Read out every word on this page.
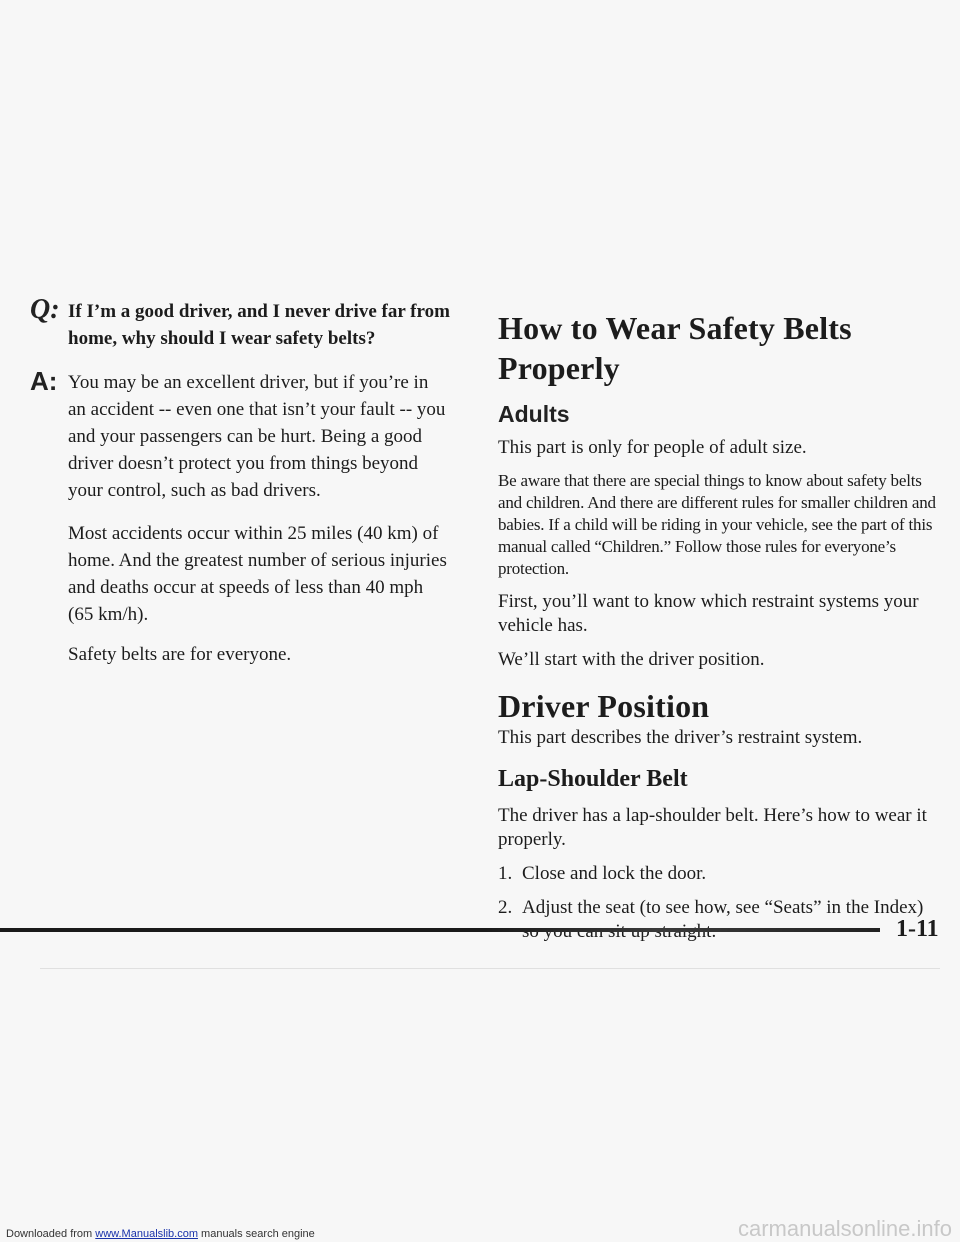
Q: If I’m a good driver, and I never drive far from home, why should I wear safety belts?

A: You may be an excellent driver, but if you’re in an accident -- even one that isn’t your fault -- you and your passengers can be hurt. Being a good driver doesn’t protect you from things beyond your control, such as bad drivers.

Most accidents occur within 25 miles (40 km) of home. And the greatest number of serious injuries and deaths occur at speeds of less than 40 mph (65 km/h).

Safety belts are for everyone.

How to Wear Safety Belts Properly
Adults

This part is only for people of adult size.

Be aware that there are special things to know about safety belts and children. And there are different rules for smaller children and babies. If a child will be riding in your vehicle, see the part of this manual called “Children.” Follow those rules for everyone’s protection.

First, you’ll want to know which restraint systems your vehicle has.

We’ll start with the driver position.

Driver Position

This part describes the driver’s restraint system.

Lap-Shoulder Belt

The driver has a lap-shoulder belt. Here’s how to wear it properly.

1. Close and lock the door.
2. Adjust the seat (to see how, see “Seats” in the Index)
1-11
Downloaded from www.Manualslib.com manuals search engine	carmanualsonline.info
